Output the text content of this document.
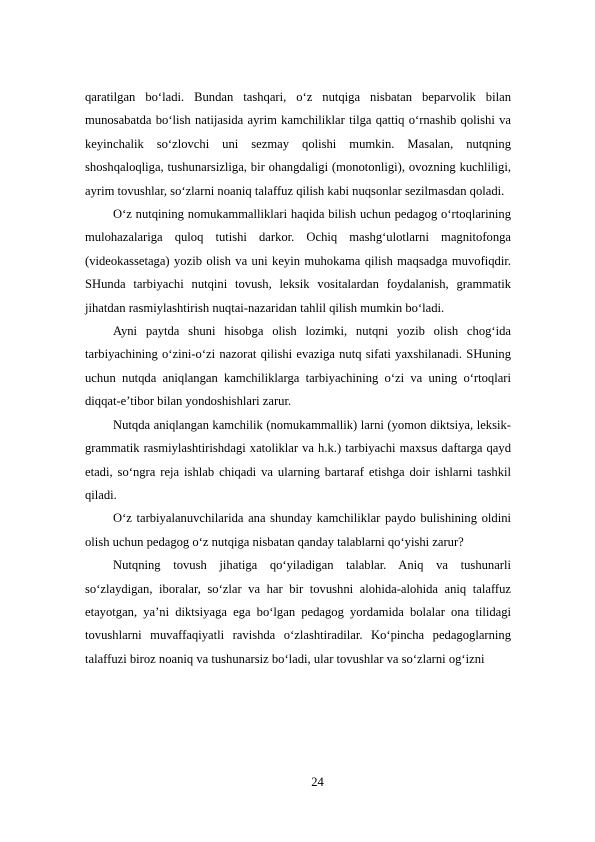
qaratilgan bo‘ladi. Bundan tashqari, o‘z nutqiga nisbatan beparvolik bilan munosabatda bo‘lish natijasida ayrim kamchiliklar tilga qattiq o‘rnashib qolishi va keyinchalik so‘zlovchi uni sezmay qolishi mumkin. Masalan, nutqning shoshqaloqliga, tushunarsizliga, bir ohangdaligi (monotonligi), ovozning kuchliligi, ayrim tovushlar, so‘zlarni noaniq talaffuz qilish kabi nuqsonlar sezilmasdan qoladi.

O‘z nutqining nomukammalliklari haqida bilish uchun pedagog o‘rtoqlarining mulohazalariga quloq tutishi darkor. Ochiq mashg‘ulotlarni magnitofonga (videokassetaga) yozib olish va uni keyin muhokama qilish maqsadga muvofiqdir. SHunda tarbiyachi nutqini tovush, leksik vositalardan foydalanish, grammatik jihatdan rasmiylashtirish nuqtai-nazaridan tahlil qilish mumkin bo‘ladi.

Ayni paytda shuni hisobga olish lozimki, nutqni yozib olish chog‘ida tarbiyachining o‘zini-o‘zi nazorat qilishi evaziga nutq sifati yaxshilanadi. SHuning uchun nutqda aniqlangan kamchiliklarga tarbiyachining o‘zi va uning o‘rtoqlari diqqat-e’tibor bilan yondoshishlari zarur.

Nutqda aniqlangan kamchilik (nomukammallik) larni (yomon diktsiya, leksik-grammatik rasmiylashtirishdagi xatoliklar va h.k.) tarbiyachi maxsus daftarga qayd etadi, so‘ngra reja ishlab chiqadi va ularning bartaraf etishga doir ishlarni tashkil qiladi.

O‘z tarbiyalanuvchilarida ana shunday kamchiliklar paydo bulishining oldini olish uchun pedagog o‘z nutqiga nisbatan qanday talablarni qo‘yishi zarur?

Nutqning tovush jihatiga qo‘yiladigan talablar. Aniq va tushunarli so‘zlaydigan, iboralar, so‘zlar va har bir tovushni alohida-alohida aniq talaffuz etayotgan, ya’ni diktsiyaga ega bo‘lgan pedagog yordamida bolalar ona tilidagi tovushlarni muvaffaqiyatli ravishda o‘zlashtiradilar. Ko‘pincha pedagoglarning talaffuzi biroz noaniq va tushunarsiz bo‘ladi, ular tovushlar va so‘zlarni og‘izni

24
